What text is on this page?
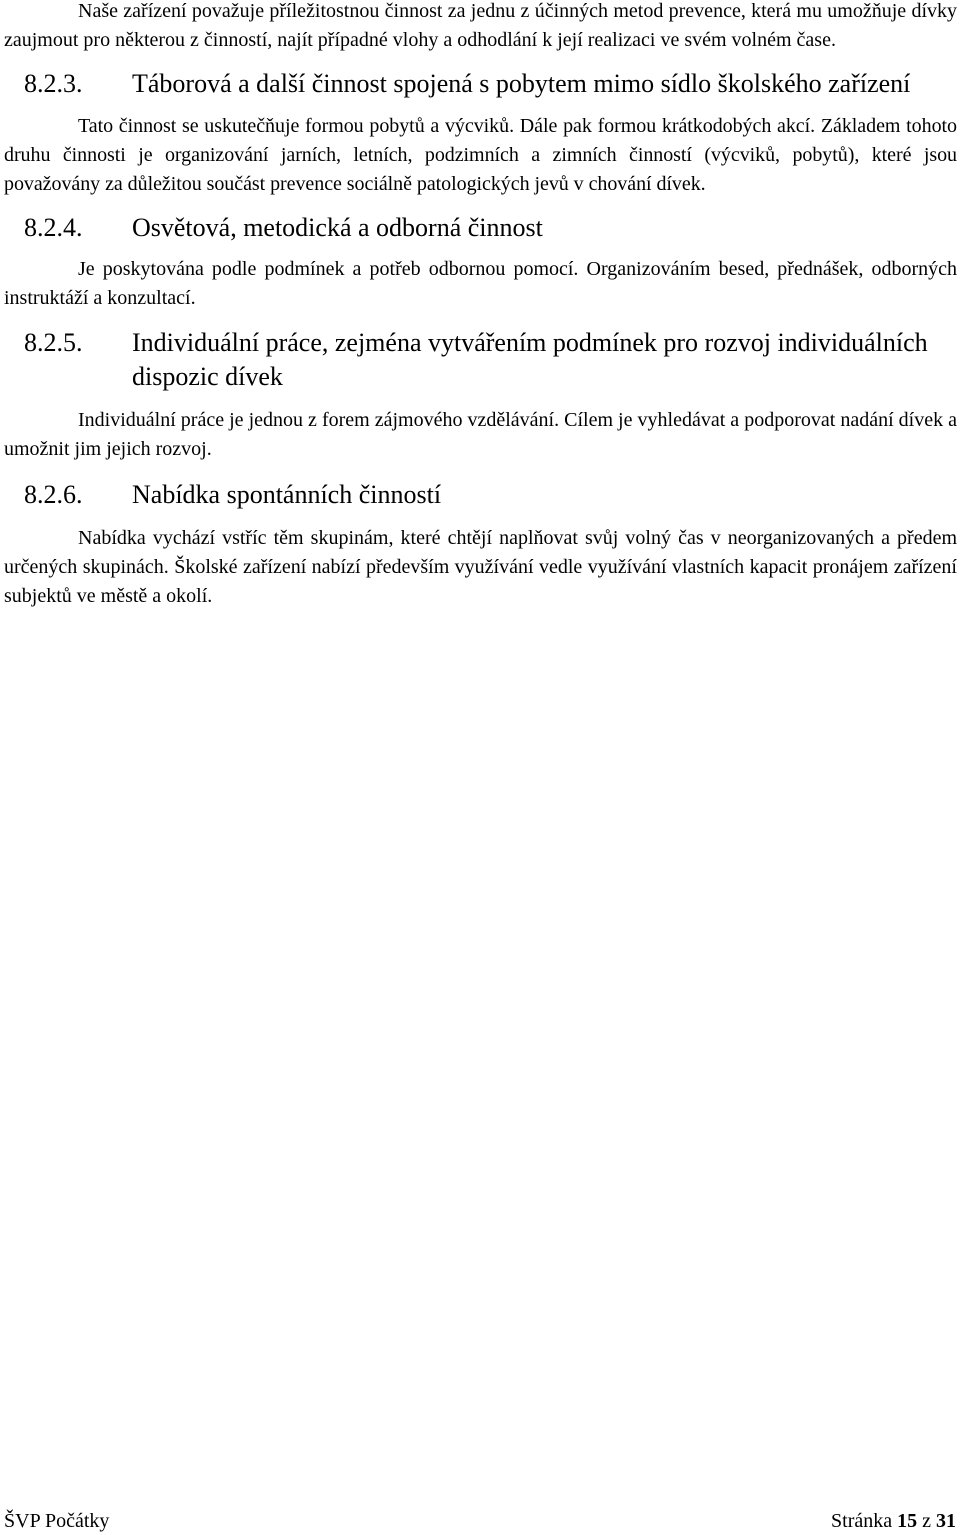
Naše zařízení považuje příležitostnou činnost za jednu z účinných metod prevence, která mu umožňuje dívky zaujmout pro některou z činností, najít případné vlohy a odhodlání k její realizaci ve svém volném čase.

8.2.3. Táborová a další činnost spojená s pobytem mimo sídlo školského zařízení

Tato činnost se uskutečňuje formou pobytů a výcviků. Dále pak formou krátkodobých akcí. Základem tohoto druhu činnosti je organizování jarních, letních, podzimních a zimních činností (výcviků, pobytů), které jsou považovány za důležitou součást prevence sociálně patologických jevů v chování dívek.

8.2.4. Osvětová, metodická a odborná činnost

Je poskytována podle podmínek a potřeb odbornou pomocí. Organizováním besed, přednášek, odborných instruktáží a konzultací.

8.2.5. Individuální práce, zejména vytvářením podmínek pro rozvoj individuálních dispozic dívek

Individuální práce je jednou z forem zájmového vzdělávání. Cílem je vyhledávat a podporovat nadání dívek a umožnit jim jejich rozvoj.

8.2.6. Nabídka spontánních činností

Nabídka vychází vstříc těm skupinám, které chtějí naplňovat svůj volný čas v neorganizovaných a předem určených skupinách. Školské zařízení nabízí především využívání vedle využívání vlastních kapacit pronájem zařízení subjektů ve městě a okolí.

ŠVP Počátky	Stránka 15 z 31
